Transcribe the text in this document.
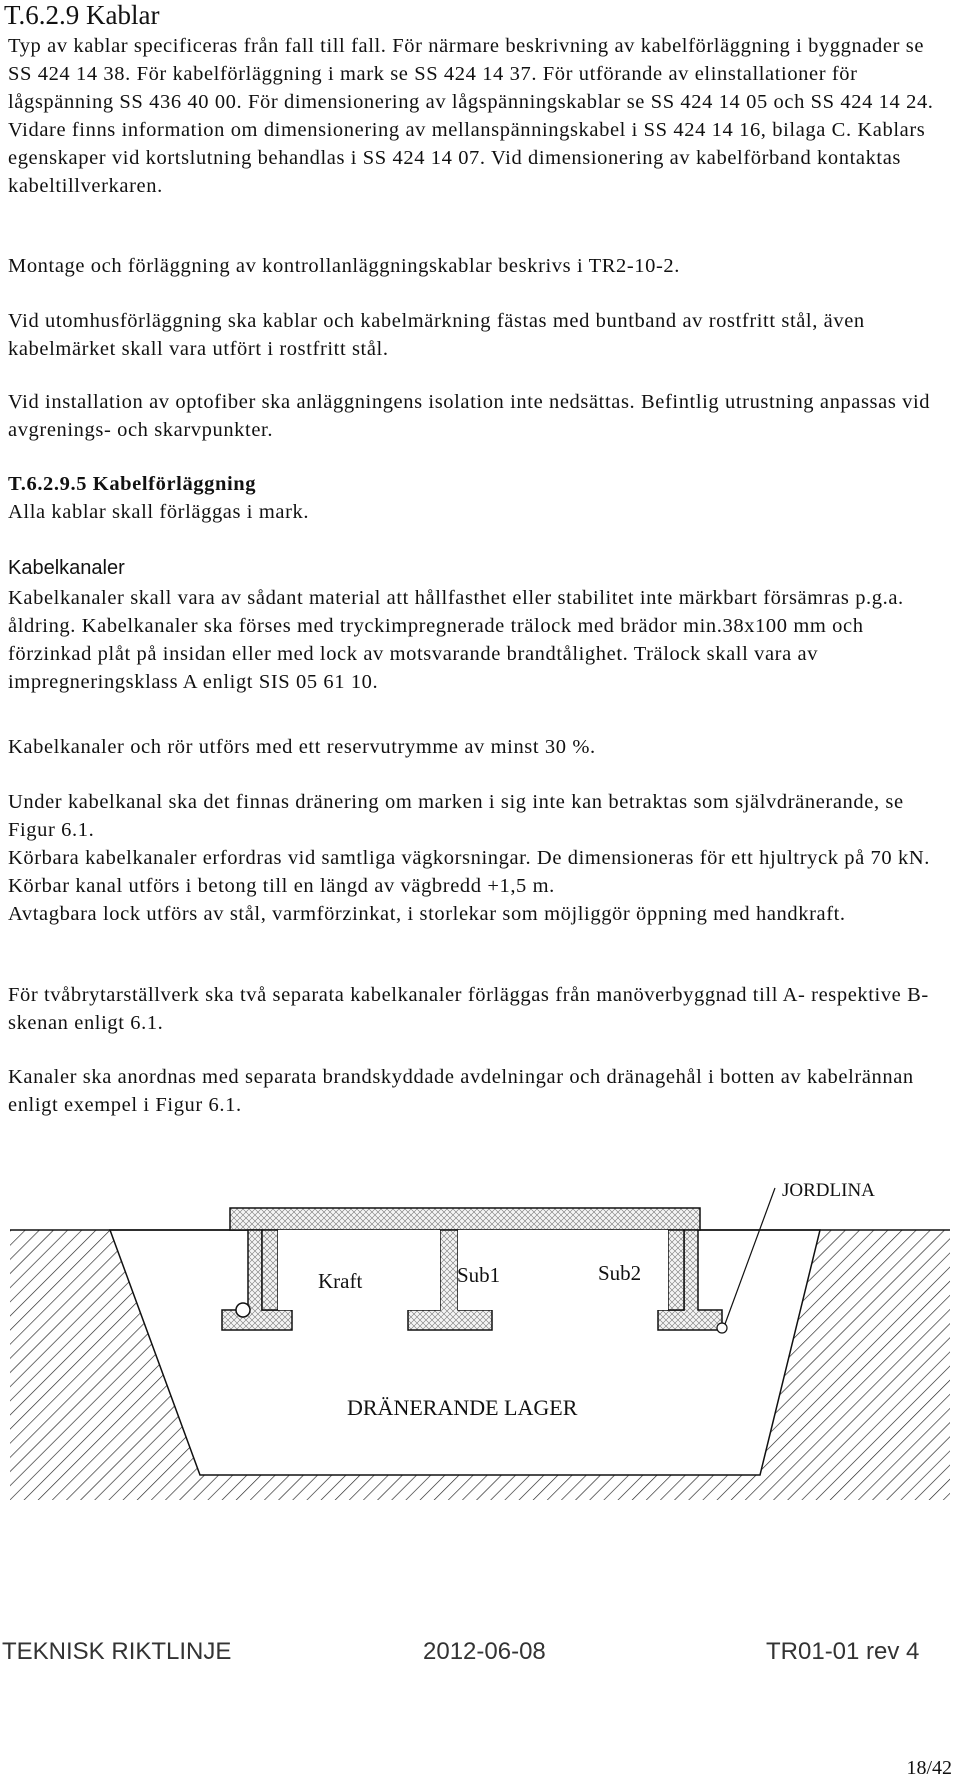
T.6.2.9 Kablar
Typ av kablar specificeras från fall till fall. För närmare beskrivning av kabelförläggning i byggnader se SS 424 14 38. För kabelförläggning i mark se SS 424 14 37. För utförande av elinstallationer för lågspänning SS 436 40 00. För dimensionering av lågspänningskablar se SS 424 14 05 och SS 424 14 24. Vidare finns information om dimensionering av mellanspänningskabel i SS 424 14 16, bilaga C. Kablars egenskaper vid kortslutning behandlas i SS 424 14 07. Vid dimensionering av kabelförband kontaktas kabeltillverkaren.
Montage och förläggning av kontrollanläggningskablar beskrivs i TR2-10-2.
Vid utomhusförläggning ska kablar och kabelmärkning fästas med buntband av rostfritt stål, även kabelmärket skall vara utfört i rostfritt stål.
Vid installation av optofiber ska anläggningens isolation inte nedsättas. Befintlig utrustning anpassas vid avgrenings- och skarvpunkter.
T.6.2.9.5 Kabelförläggning
Alla kablar skall förläggas i mark.
Kabelkanaler
Kabelkanaler skall vara av sådant material att hållfasthet eller stabilitet inte märkbart försämras p.g.a. åldring. Kabelkanaler ska förses med tryckimpregnerade trälock med brädor min.38x100 mm och förzinkad plåt på insidan eller med lock av motsvarande brandtålighet. Trälock skall vara av impregneringsklass A enligt SIS 05 61 10.
Kabelkanaler och rör utförs med ett reservutrymme av minst 30 %.

Under kabelkanal ska det finnas dränering om marken i sig inte kan betraktas som självdränerande, se Figur 6.1.

Körbara kabelkanaler erfordras vid samtliga vägkorsningar. De dimensioneras för ett hjultryck på 70 kN. Körbar kanal utförs i betong till en längd av vägbredd +1,5 m.

Avtagbara lock utförs av stål, varmförzinkat, i storlekar som möjliggör öppning med handkraft.

För tvåbrytarställverk ska två separata kabelkanaler förläggas från manöverbyggnad till A- respektive B-skenan enligt 6.1.
Kanaler ska anordnas med separata brandskyddade avdelningar och dränagehål i botten av kabelrännan enligt exempel i Figur 6.1.
Kraft	Sub1	Sub2
JORDLINA
DRÄNERANDE LAGER
TEKNISK RIKTLINJE	2012-06-08	TR01-01 rev 4
18/42
